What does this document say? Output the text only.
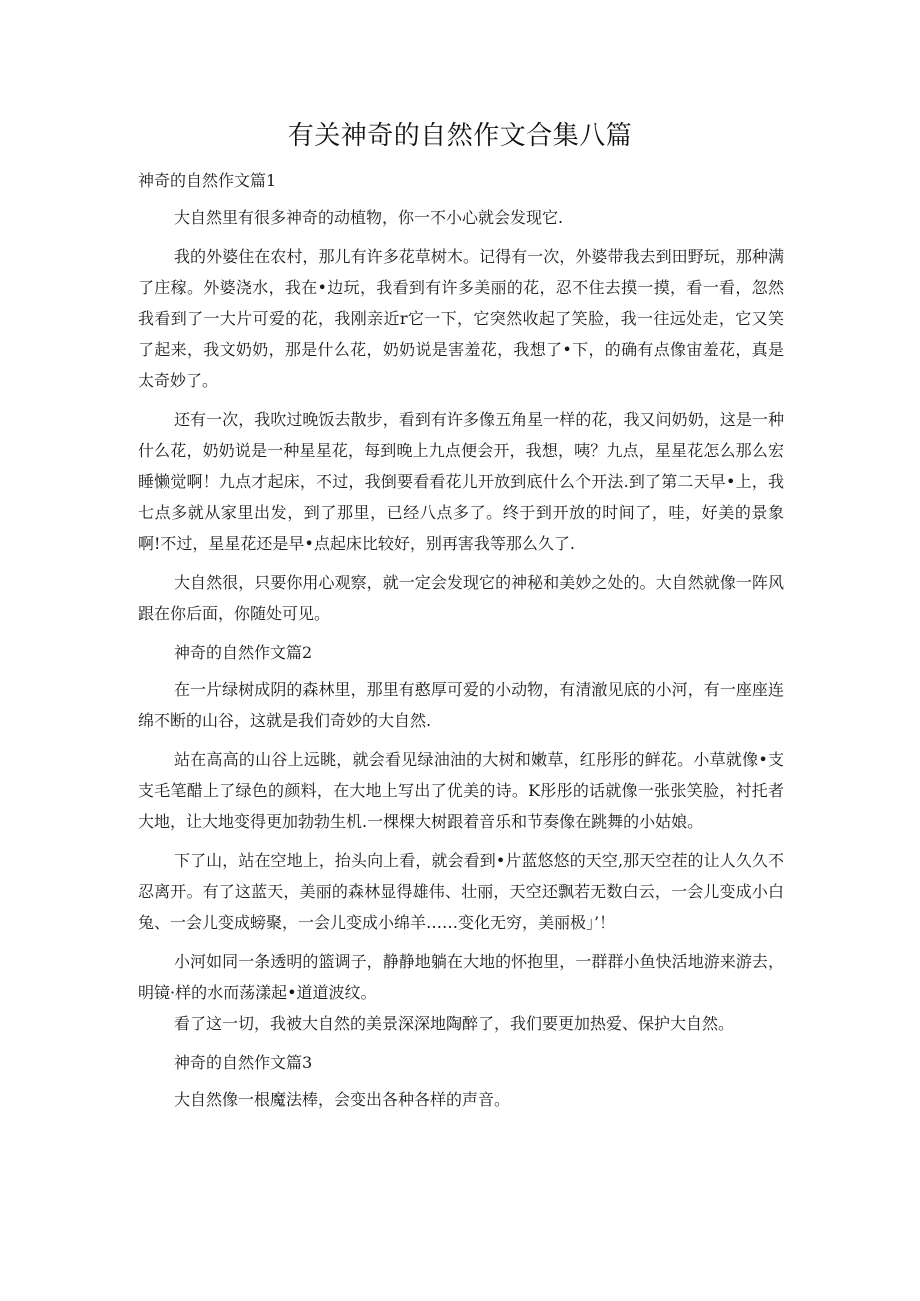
有关神奇的自然作文合集八篇

神奇的自然作文篇1

大自然里有很多神奇的动植物，你一不小心就会发现它.

我的外婆住在农村，那儿有许多花草树木。记得有一次，外婆带我去到田野玩，那种满了庄稼。外婆浇水，我在•边玩，我看到有许多美丽的花，忍不住去摸一摸，看一看，忽然我看到了一大片可爱的花，我刚亲近r它一下，它突然收起了笑脸，我一往远处走，它又笑了起来，我文奶奶，那是什么花，奶奶说是害羞花，我想了•下，的确有点像宙羞花，真是太奇妙了。

还有一次，我吹过晚饭去散步，看到有许多像五角星一样的花，我又问奶奶，这是一种什么花，奶奶说是一种星星花，每到晚上九点便会开，我想，咦？九点，星星花怎么那么宏睡懒觉啊！九点才起床，不过，我倒要看看花儿开放到底什么个开法.到了第二天早•上，我七点多就从家里出发，到了那里，已经八点多了。终于到开放的时间了，哇，好美的景象啊!不过，星星花还是早•点起床比较好，别再害我等那么久了.

大自然很，只要你用心观察，就一定会发现它的神秘和美妙之处的。大自然就像一阵风跟在你后面，你随处可见。

神奇的自然作文篇2

在一片绿树成阴的森林里，那里有憨厚可爱的小动物，有清澈见底的小河，有一座座连绵不断的山谷，这就是我们奇妙的大自然.

站在高高的山谷上远眺，就会看见绿油油的大树和嫩草，红彤彤的鲜花。小草就像•支支毛笔醋上了绿色的颜料，在大地上写出了优美的诗。K彤彤的话就像一张张笑脸，衬托者大地，让大地变得更加勃勃生机.一棵棵大树跟着音乐和节奏像在跳舞的小姑娘。

下了山，站在空地上，抬头向上看，就会看到•片蓝悠悠的天空,那天空茬的让人久久不忍离开。有了这蓝天，美丽的森林显得雄伟、壮丽，天空还飘若无数白云，一会儿变成小白兔、一会儿变成螃聚，一会儿变成小绵羊……变化无穷，美丽极」’！

小河如同一条透明的篮调子，静静地躺在大地的怀抱里，一群群小鱼快活地游来游去，明镜·样的水而荡漾起•道道波纹。

看了这一切，我被大自然的美景深深地陶醉了，我们要更加热爱、保护大自然。

神奇的自然作文篇3

大自然像一根魔法棒，会变出各种各样的声音。
